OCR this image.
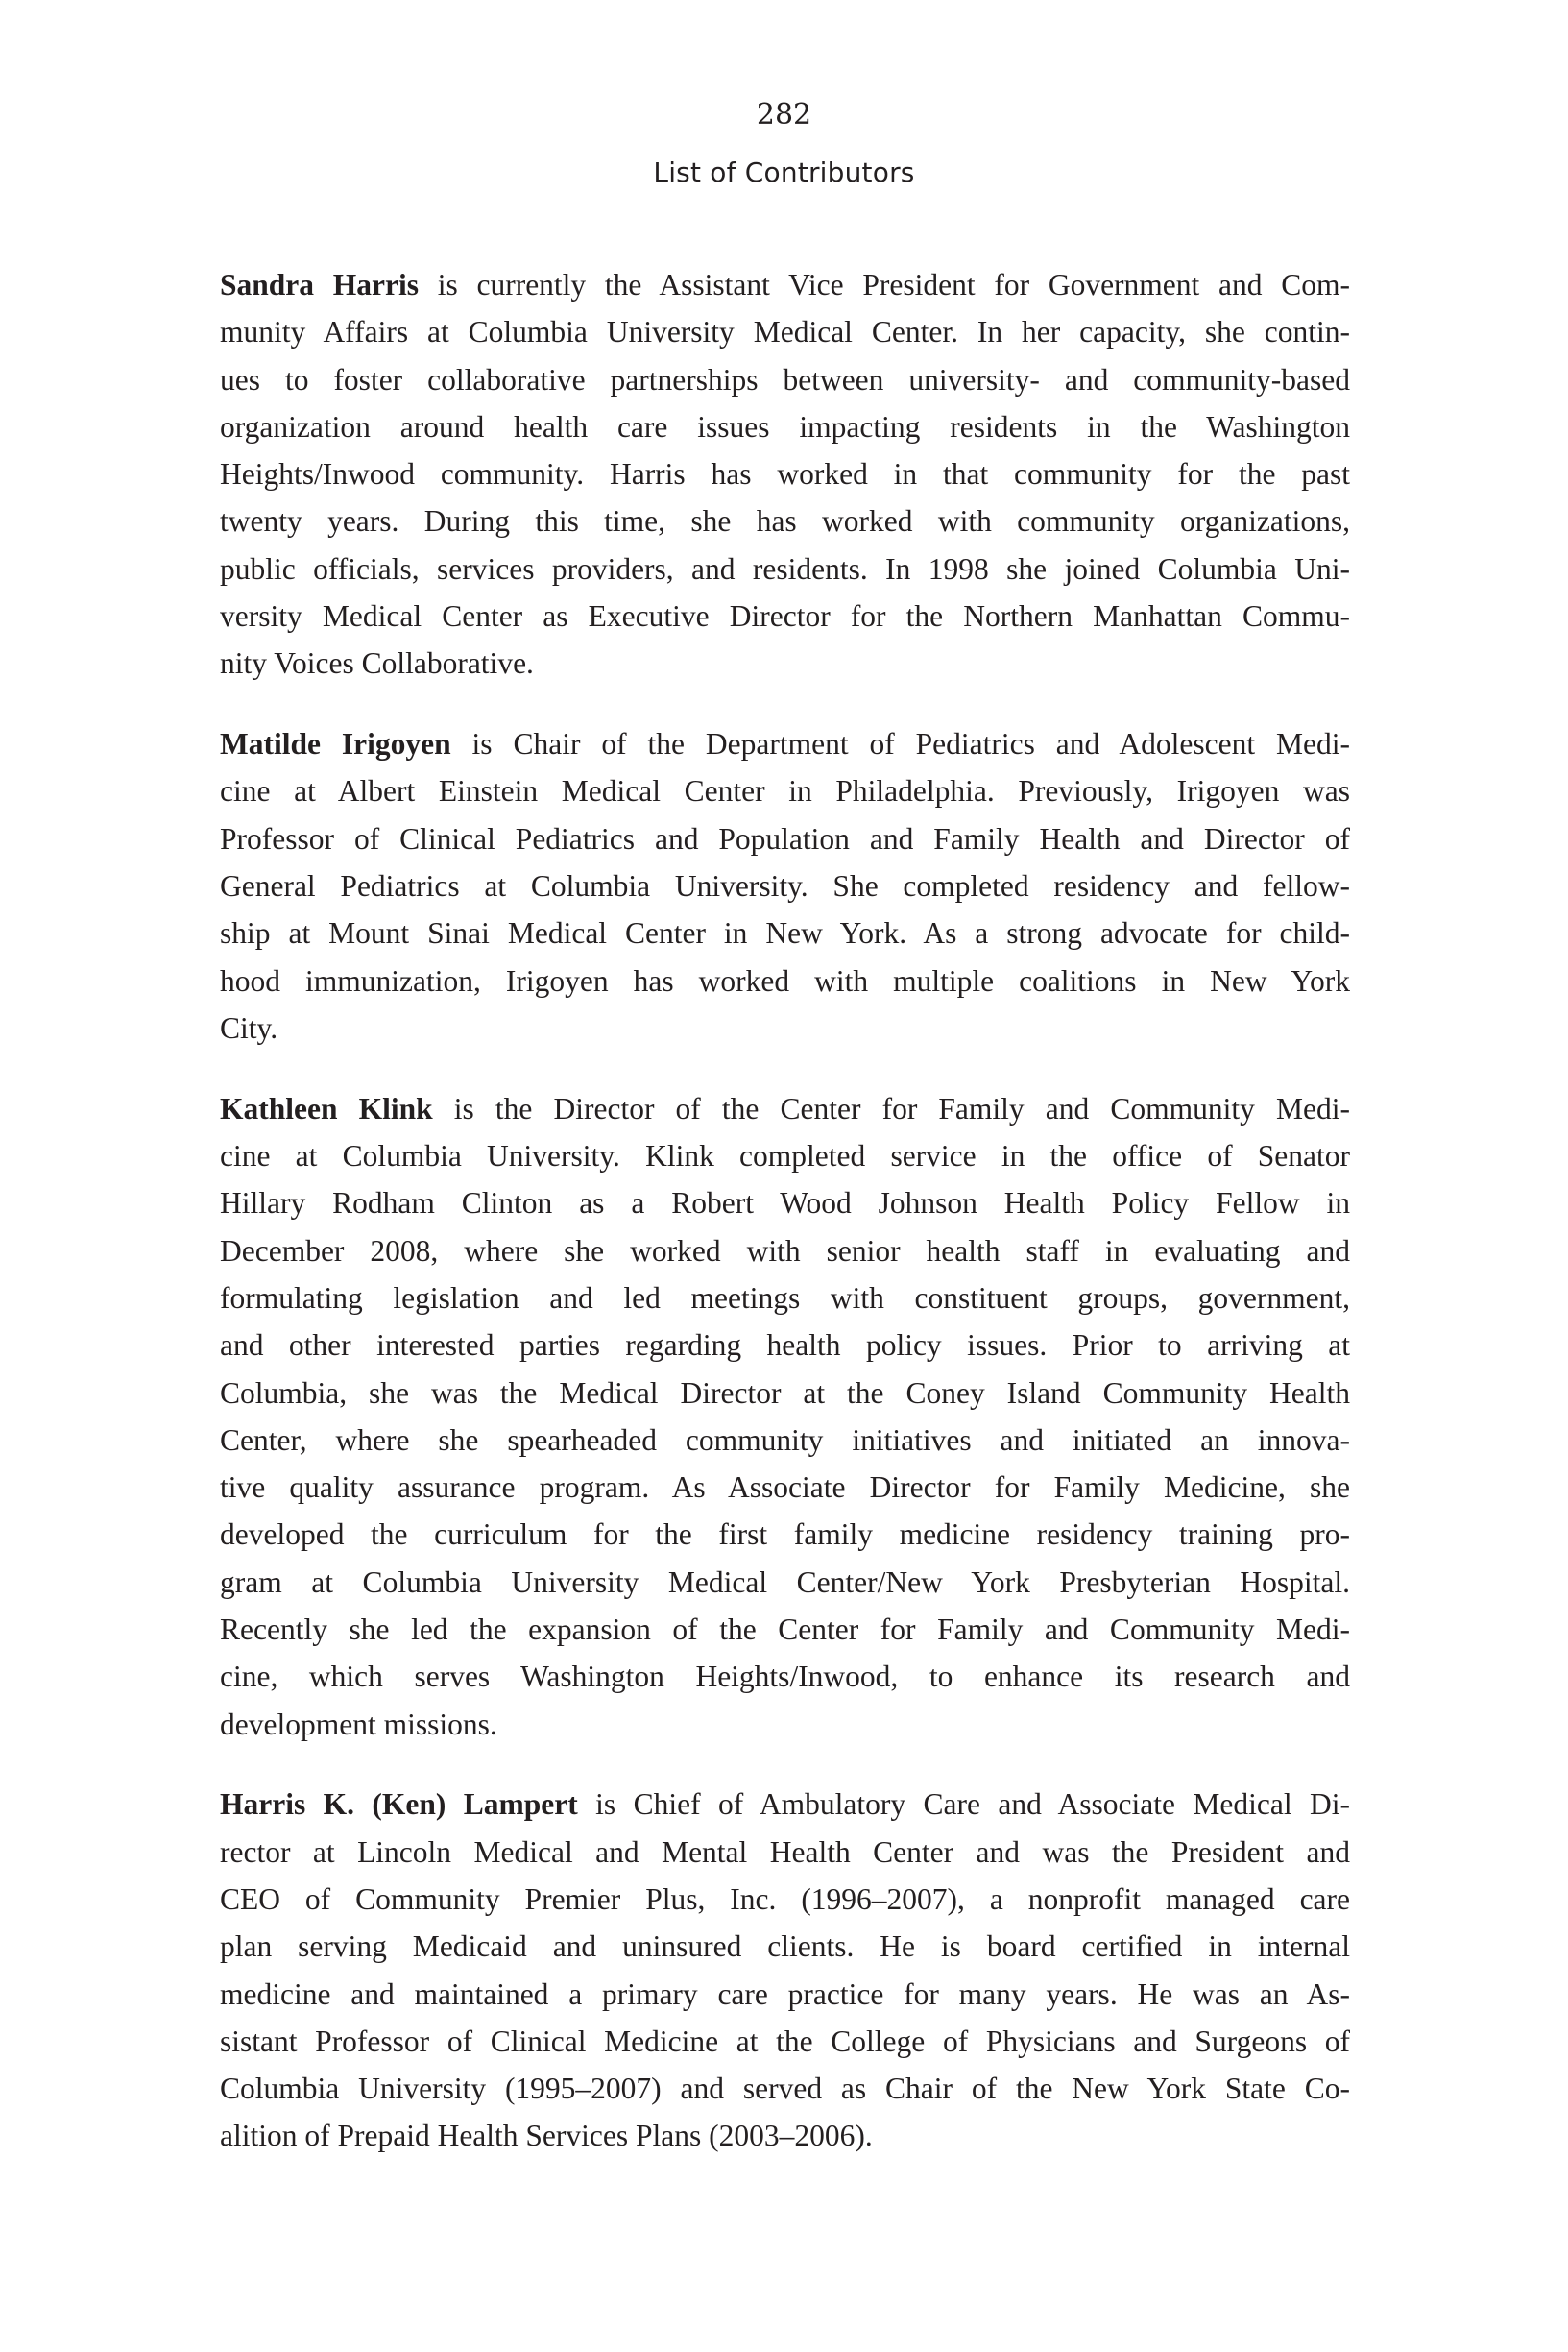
282
List of Contributors
Sandra Harris is currently the Assistant Vice President for Government and Com-
munity Affairs at Columbia University Medical Center. In her capacity, she contin-
ues to foster collaborative partnerships between university- and community-based
organization around health care issues impacting residents in the Washington
Heights/Inwood community. Harris has worked in that community for the past
twenty years. During this time, she has worked with community organizations,
public officials, services providers, and residents. In 1998 she joined Columbia Uni-
versity Medical Center as Executive Director for the Northern Manhattan Commu-
nity Voices Collaborative.
Matilde Irigoyen is Chair of the Department of Pediatrics and Adolescent Medi-
cine at Albert Einstein Medical Center in Philadelphia. Previously, Irigoyen was
Professor of Clinical Pediatrics and Population and Family Health and Director of
General Pediatrics at Columbia University. She completed residency and fellow-
ship at Mount Sinai Medical Center in New York. As a strong advocate for child-
hood immunization, Irigoyen has worked with multiple coalitions in New York
City.
Kathleen Klink is the Director of the Center for Family and Community Medi-
cine at Columbia University. Klink completed service in the office of Senator
Hillary Rodham Clinton as a Robert Wood Johnson Health Policy Fellow in
December 2008, where she worked with senior health staff in evaluating and
formulating legislation and led meetings with constituent groups, government,
and other interested parties regarding health policy issues. Prior to arriving at
Columbia, she was the Medical Director at the Coney Island Community Health
Center, where she spearheaded community initiatives and initiated an innova-
tive quality assurance program. As Associate Director for Family Medicine, she
developed the curriculum for the first family medicine residency training pro-
gram at Columbia University Medical Center/New York Presbyterian Hospital.
Recently she led the expansion of the Center for Family and Community Medi-
cine, which serves Washington Heights/Inwood, to enhance its research and
development missions.
Harris K. (Ken) Lampert is Chief of Ambulatory Care and Associate Medical Di-
rector at Lincoln Medical and Mental Health Center and was the President and
CEO of Community Premier Plus, Inc. (1996–2007), a nonprofit managed care
plan serving Medicaid and uninsured clients. He is board certified in internal
medicine and maintained a primary care practice for many years. He was an As-
sistant Professor of Clinical Medicine at the College of Physicians and Surgeons of
Columbia University (1995–2007) and served as Chair of the New York State Co-
alition of Prepaid Health Services Plans (2003–2006).
